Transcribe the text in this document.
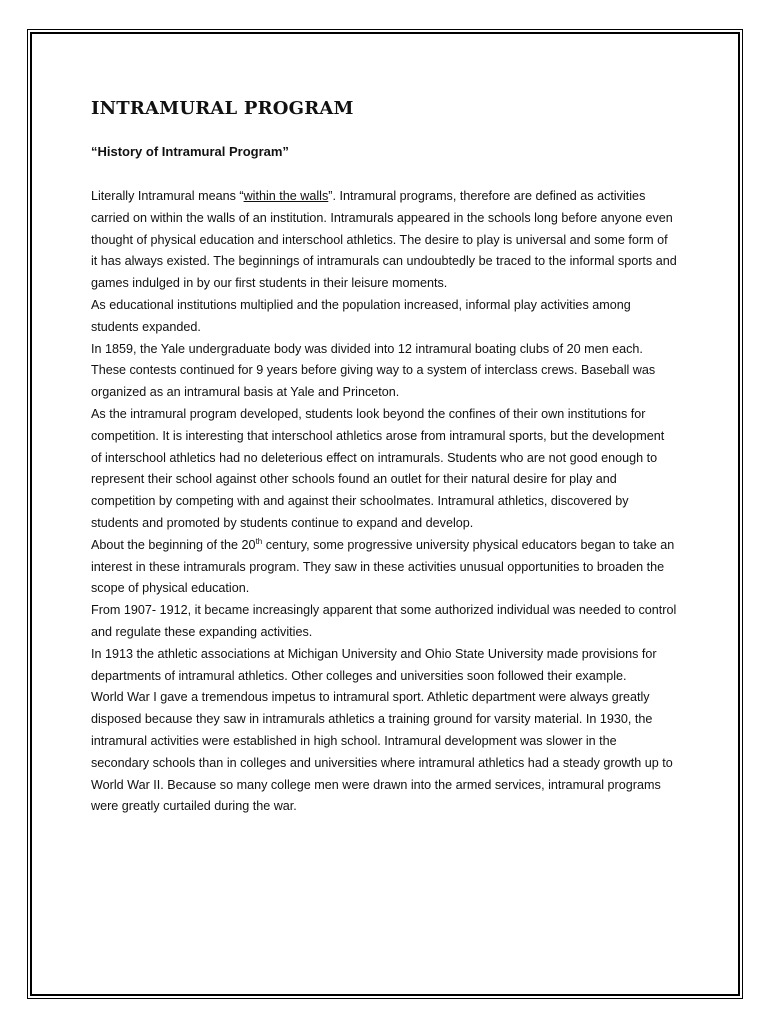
INTRAMURAL PROGRAM

“History of Intramural Program”

Literally Intramural means “within the walls”. Intramural programs, therefore are defined as activities carried on within the walls of an institution. Intramurals appeared in the schools long before anyone even thought of physical education and interschool athletics. The desire to play is universal and some form of it has always existed. The beginnings of intramurals can undoubtedly be traced to the informal sports and games indulged in by our first students in their leisure moments.

As educational institutions multiplied and the population increased, informal play activities among students expanded.

In 1859, the Yale undergraduate body was divided into 12 intramural boating clubs of 20 men each. These contests continued for 9 years before giving way to a system of interclass crews. Baseball was organized as an intramural basis at Yale and Princeton.

As the intramural program developed, students look beyond the confines of their own institutions for competition. It is interesting that interschool athletics arose from intramural sports, but the development of interschool athletics had no deleterious effect on intramurals. Students who are not good enough to represent their school against other schools found an outlet for their natural desire for play and competition by competing with and against their schoolmates. Intramural athletics, discovered by students and promoted by students continue to expand and develop.

About the beginning of the 20th century, some progressive university physical educators began to take an interest in these intramurals program. They saw in these activities unusual opportunities to broaden the scope of physical education.

From 1907- 1912, it became increasingly apparent that some authorized individual was needed to control and regulate these expanding activities.

In 1913 the athletic associations at Michigan University and Ohio State University made provisions for departments of intramural athletics. Other colleges and universities soon followed their example.

World War I gave a tremendous impetus to intramural sport. Athletic department were always greatly disposed because they saw in intramurals athletics a training ground for varsity material. In 1930, the intramural activities were established in high school. Intramural development was slower in the secondary schools than in colleges and universities where intramural athletics had a steady growth up to World War II. Because so many college men were drawn into the armed services, intramural programs were greatly curtailed during the war.
